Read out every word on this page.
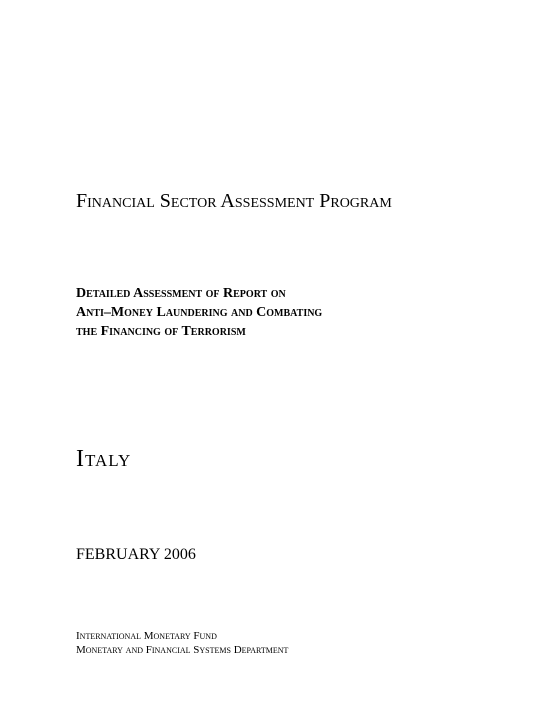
Financial Sector Assessment Program
Detailed Assessment of Report on
Anti–Money Laundering and Combating
the Financing of Terrorism
Italy
FEBRUARY 2006
International Monetary Fund
Monetary and Financial Systems Department
